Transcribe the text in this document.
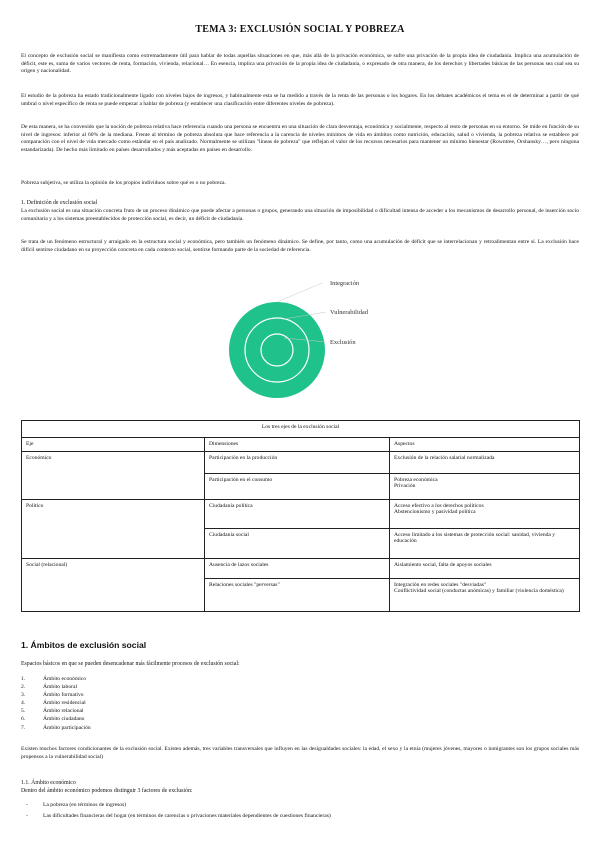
TEMA 3: EXCLUSIÓN SOCIAL Y POBREZA

El concepto de exclusión social se manifiesta como extremadamente útil para hablar de todas aquellas situaciones en que, más allá de la privación económica, se sufre una privación de la propia idea de ciudadanía. Implica una acumulación de déficit, este es, suma de varios vectores de renta, formación, vivienda, relacional… En esencia, implica una privación de la propia idea de ciudadanía, o expresado de otra manera, de los derechos y libertades básicas de las personas sea cual sea su origen y nacionalidad.

El estudio de la pobreza ha estado tradicionalmente ligado con niveles bajos de ingresos, y habitualmente esta se ha medido a través de la renta de las personas o los hogares. En los debates académicos el tema es el de determinar a partir de qué umbral o nivel específico de renta se puede empezar a hablar de pobreza (y establecer una clasificación entre diferentes niveles de pobreza).

De esta manera, se ha convenido que la noción de pobreza relativa hace referencia cuando una persona se encuentra en una situación de clara desventaja, económica y socialmente, respecto al resto de personas en su entorno. Se mide en función de su nivel de ingresos: inferior al 60% de la mediana. Frente al término de pobreza absoluta que hace referencia a la carencia de niveles mínimos de vida en ámbitos como nutrición, educación, salud o vivienda, la pobreza relativa se establece por comparación con el nivel de vida mercado como estándar en el país analizado. Normalmente se utilizan "líneas de pobreza" que reflejan el valor de los recursos necesarios para mantener un mínimo bienestar (Rowntree, Orshansky…, pero ninguna estandarizada). De hecho más limitado en países desarrollados y más aceptadas en países en desarrollo.

Pobreza subjetiva, se utiliza la opinión de los propios individuos sobre qué es o no pobreza.

1. Definición de exclusión social

La exclusión social es una situación concreta fruto de un proceso dinámico que puede afectar a personas o grupos, generando una situación de imposibilidad o dificultad intensa de acceder a los mecanismos de desarrollo personal, de inserción socio comunitaria y a los sistemas preestablecidos de protección social, es decir, un déficit de ciudadanía.

Se trata de un fenómeno estructural y arraigado en la estructura social y económica, pero también un fenómeno dinámico. Se define, por tanto, como una acumulación de déficit que se interrelacionan y retroalimentan entre sí. La exclusión hace difícil sentirse ciudadano en su proyección concreta en cada contexto social, sentirse formando parte de la sociedad de referencia.

Integración
Vulnerabilidad
Exclusión
Los tres ejes de la exclusión social		
Eje	Dimensiones	Aspectos
Económico	Participación en la producción	Exclusión de la relación salarial normalizada
	Participación en el consumo	Pobreza económica
Privación
Político	Ciudadanía política	Acceso efectivo a los derechos políticos
Abstencionismo y pasividad política
	Ciudadanía social	Acceso limitado a los sistemas de protección social: sanidad, vivienda y educación
Social (relacional)	Ausencia de lazos sociales	Aislamiento social, falta de apoyos sociales
	Relaciones sociales "perversas"	Integración en redes sociales "desviadas"
Conflictividad social (conductas anómicas) y familiar (violencia doméstica)
1. Ámbitos de exclusión social

Espacios básicos en que se pueden desencadenar más fácilmente procesos de exclusión social:

1.	Ámbito económico
2.	Ámbito laboral
3.	Ámbito formativo
4.	Ámbito residencial
5.	Ámbito relacional
6.	Ámbito ciudadano
7.	Ámbito participación

Existen muchos factores condicionantes de la exclusión social. Existen además, tres variables transversales que influyen en las desigualdades sociales: la edad, el sexo y la etnia (mujeres jóvenes, mayores o inmigrantes son los grupos sociales más propensos a la vulnerabilidad social)

1.1. Ámbito económico

Dentro del ámbito económico podemos distinguir 3 factores de exclusión:

-	La pobreza (en términos de ingresos)
-	Las dificultades financieras del hogar (en términos de carencias o privaciones materiales dependientes de cuestiones financieras)
